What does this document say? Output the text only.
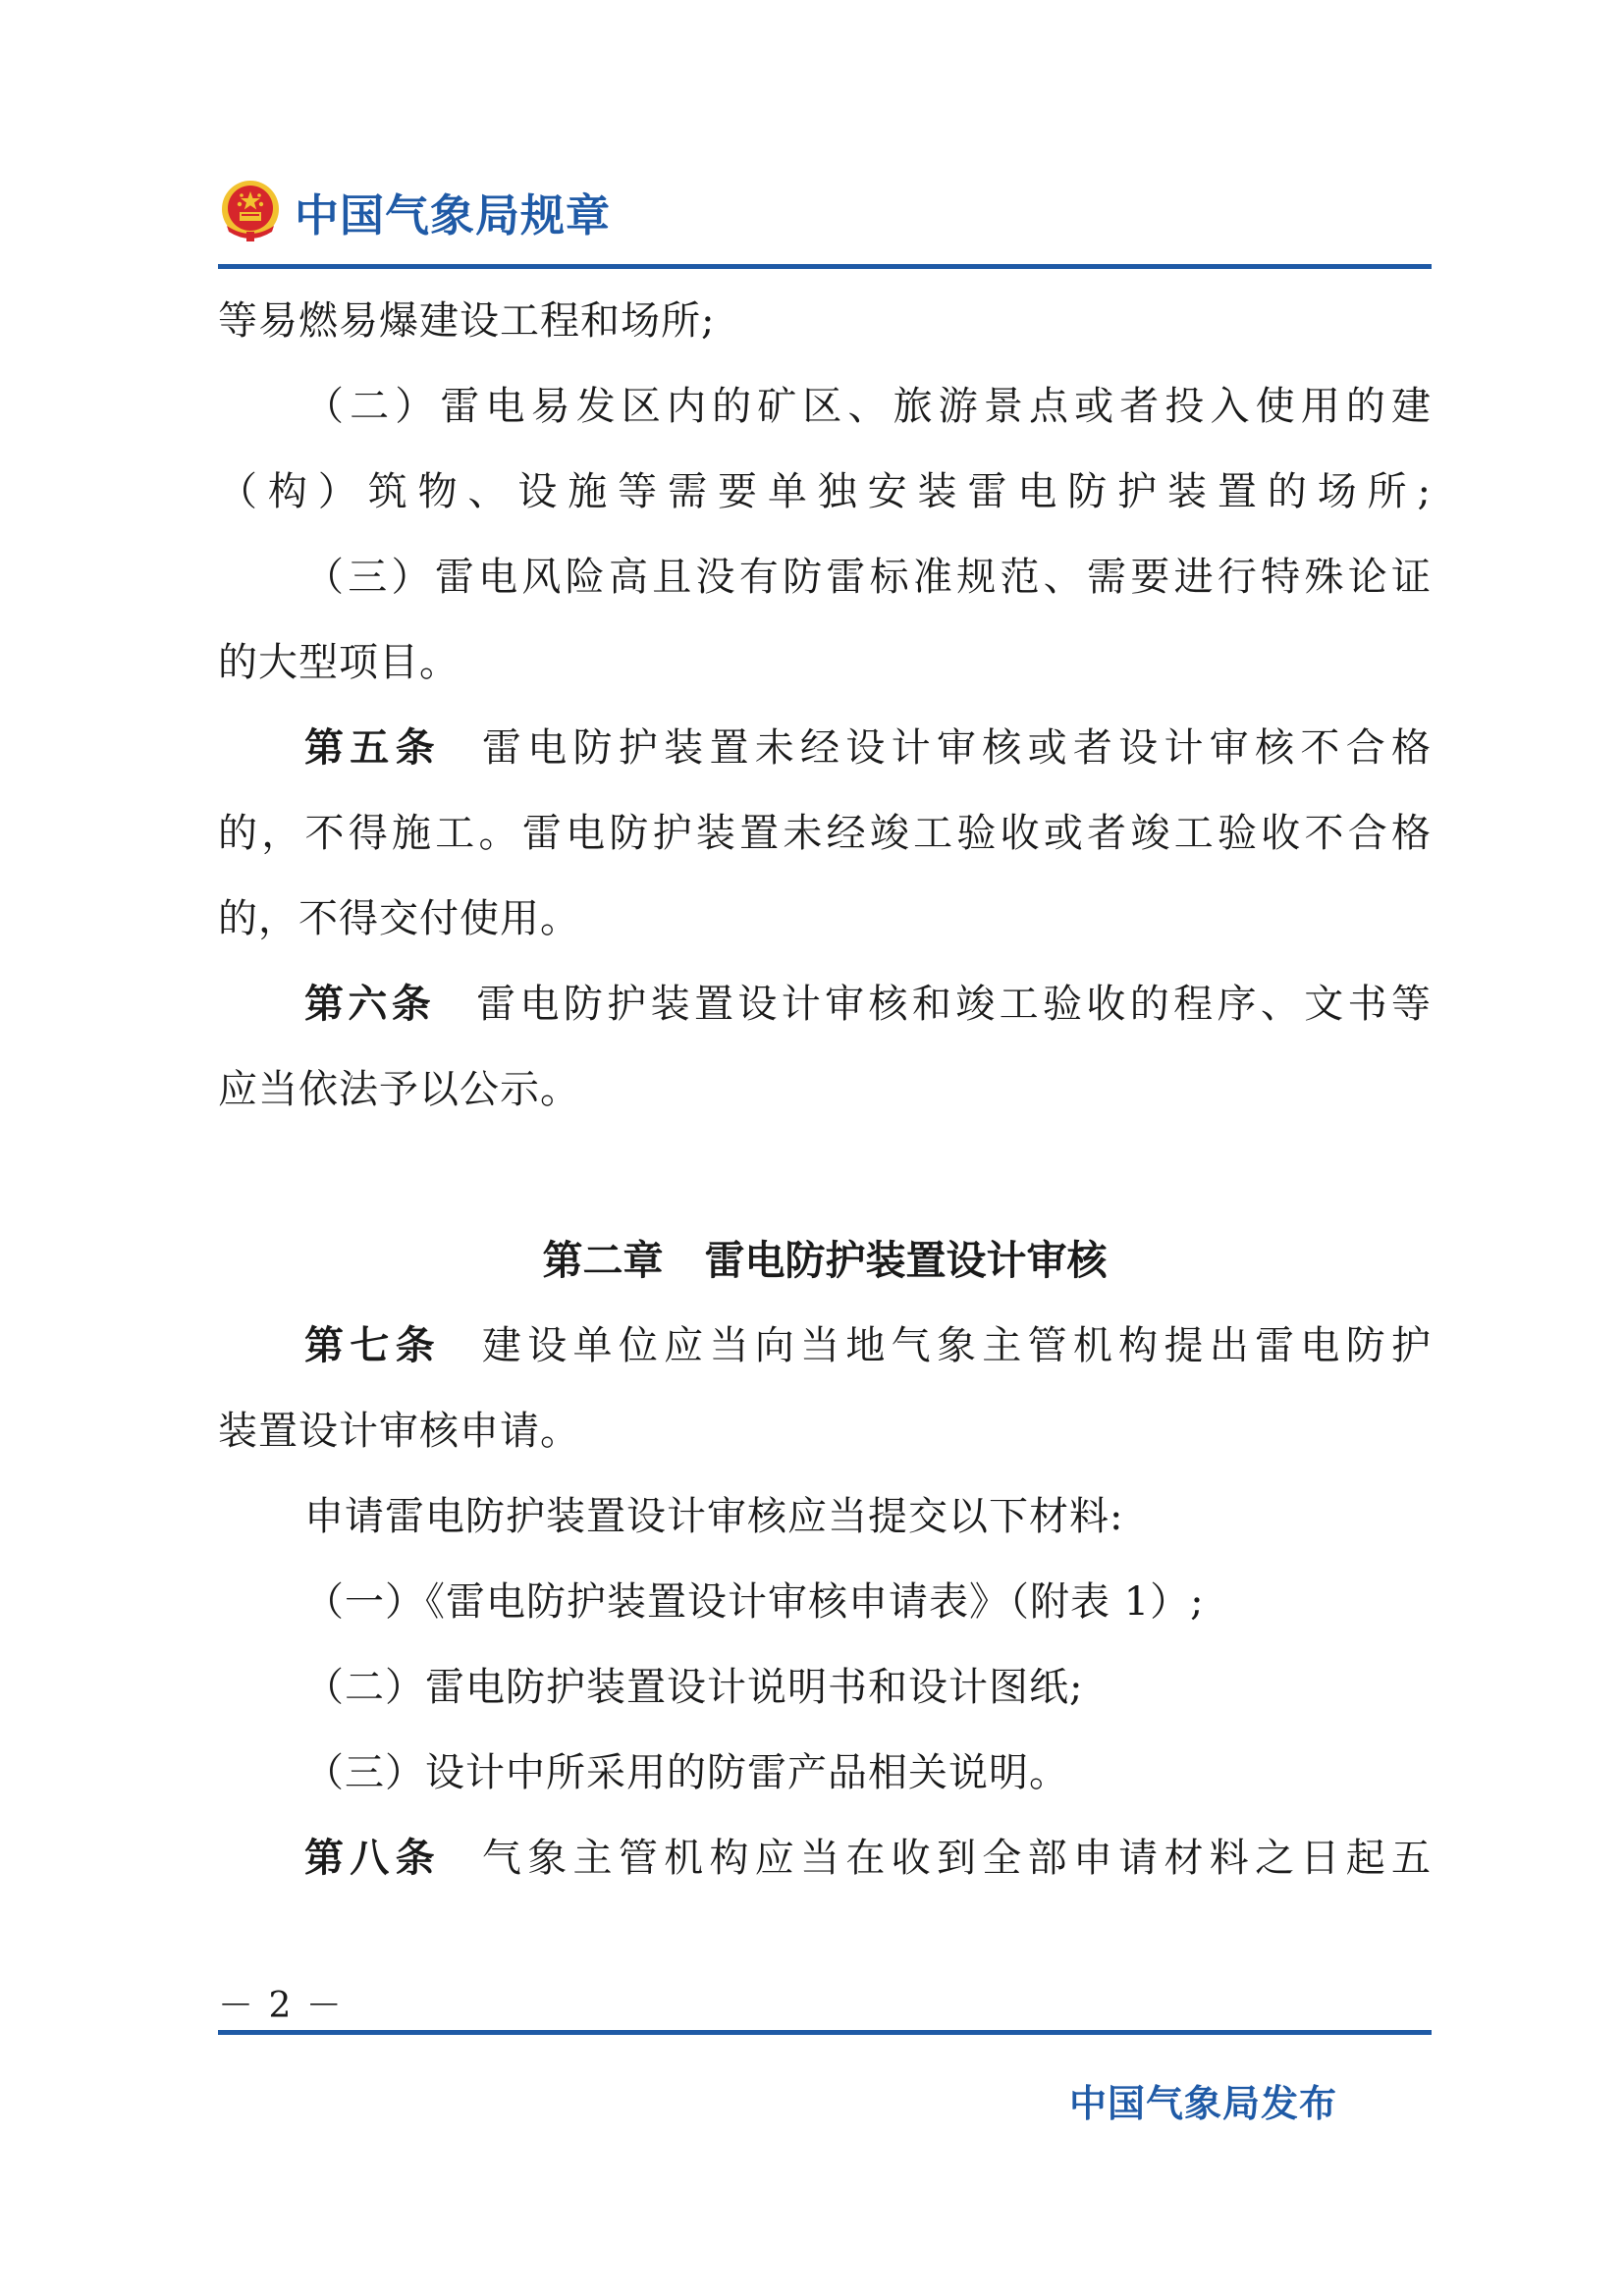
中国气象局规章
等易燃易爆建设工程和场所;
（二）雷电易发区内的矿区、旅游景点或者投入使用的建
（构）筑物、设施等需要单独安装雷电防护装置的场所;
（三）雷电风险高且没有防雷标准规范、需要进行特殊论证
的大型项目。
第五条 雷电防护装置未经设计审核或者设计审核不合格
的，不得施工。雷电防护装置未经竣工验收或者竣工验收不合格
的，不得交付使用。
第六条 雷电防护装置设计审核和竣工验收的程序、文书等
应当依法予以公示。
第二章 雷电防护装置设计审核
第七条 建设单位应当向当地气象主管机构提出雷电防护
装置设计审核申请。
申请雷电防护装置设计审核应当提交以下材料:
（一）《雷电防护装置设计审核申请表》（附表 1）;
（二）雷电防护装置设计说明书和设计图纸;
（三）设计中所采用的防雷产品相关说明。
第八条 气象主管机构应当在收到全部申请材料之日起五
－ 2 －
中国气象局发布
